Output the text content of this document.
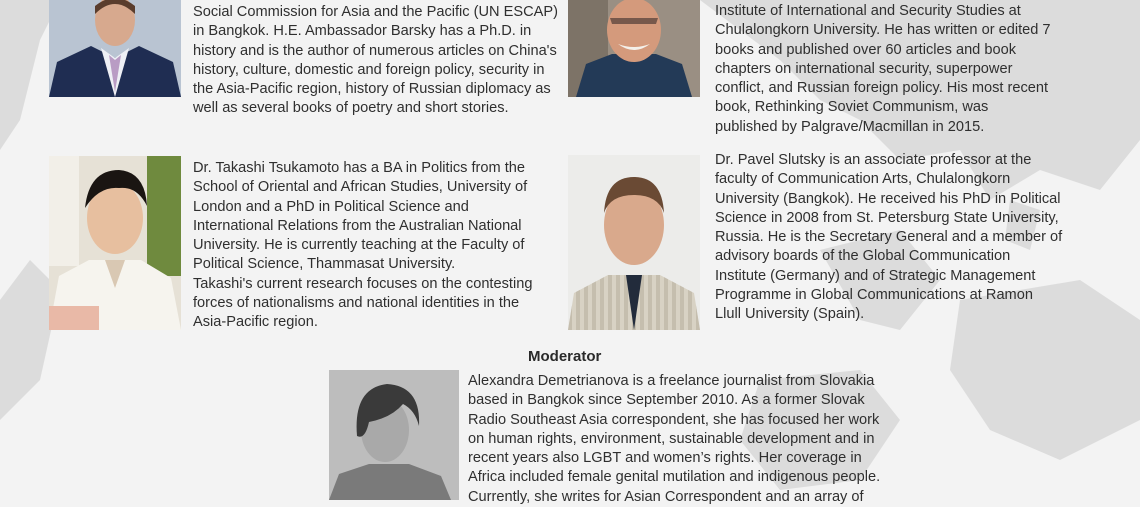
Social Commission for Asia and the Pacific (UN ESCAP)
in Bangkok. H.E. Ambassador Barsky has a Ph.D. in
history and is the author of numerous articles on China's
history, culture, domestic and foreign policy, security in
the Asia-Pacific region, history of Russian diplomacy as
well as several books of poetry and short stories.

Institute of International and Security Studies at
Chulalongkorn University. He has written or edited 7
books and published over 60 articles and book
chapters on international security, superpower
conflict, and Russian foreign policy. His most recent
book, Rethinking Soviet Communism, was
published by Palgrave/Macmillan in 2015.

Dr. Takashi Tsukamoto has a BA in Politics from the
School of Oriental and African Studies, University of
London and a PhD in Political Science and
International Relations from the Australian National
University. He is currently teaching at the Faculty of
Political Science, Thammasat University.
Takashi's current research focuses on the contesting
forces of nationalisms and national identities in the
Asia-Pacific region.

Dr. Pavel Slutsky is an associate professor at the
faculty of Communication Arts, Chulalongkorn
University (Bangkok). He received his PhD in Political
Science in 2008 from St. Petersburg State University,
Russia. He is the Secretary General and a member of
advisory boards of the Global Communication
Institute (Germany) and of Strategic Management
Programme in Global Communications at Ramon
Llull University (Spain).

Moderator

Alexandra Demetrianova is a freelance journalist from Slovakia
based in Bangkok since September 2010. As a former Slovak
Radio Southeast Asia correspondent, she has focused her work
on human rights, environment, sustainable development and in
recent years also LGBT and women’s rights. Her coverage in
Africa included female genital mutilation and indigenous people.
Currently, she writes for Asian Correspondent and an array of
